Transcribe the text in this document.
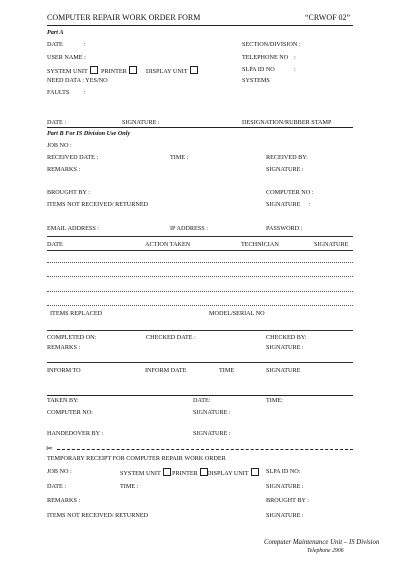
COMPUTER REPAIR WORK ORDER FORM	“CRWOF 02”
Part A
DATE	:	SECTION/DIVISION :
USER NAME :	TELEPHONE NO :
SYSTEM UNIT	PRINTER	DISPLAY UNIT	SLPA ID NO	:
NEED DATA : YES/NO	SYSTEMS
FAULTS :
DATE :	SIGNATURE :	DESIGNATION/RUBBER STAMP
Part B For IS Division Use Only
JOB NO :
RECEIVED DATE :	TIME :	RECEIVED BY:
REMARKS :	SIGNATURE :
BROUGHT BY :	COMPUTER NO :
ITEMS NOT RECEIVED/ RETURNED	SIGNATURE :
EMAIL ADDRESS :	IP ADDRESS :	PASSWORD :
DATE	ACTION TAKEN	TECHNICIAN	SIGNATURE
ITEMS REPLACED	MODEL/SERIAL NO
COMPLETED ON:	CHECKED DATE :	CHECKED BY:
REMARKS :	SIGNATURE :
INFORM TO	INFORM DATE	TIME	SIGNATURE
TAKEN BY:	DATE:	TIME:
COMPUTER NO:	SIGNATURE :
HANDEDOVER BY :	SIGNATURE :
✂
TEMPORARY RECEIPT FOR COMPUTER REPAIR WORK ORDER
JOB NO :	SYSTEM UNIT	PRINTER	DISPLAY UNIT	SLPA ID NO:
DATE :	TIME :	SIGNATURE :
REMARKS :	BROUGHT BY :
ITEMS NOT RECEIVED/ RETURNED	SIGNATURE :
Computer Maintenance Unit – IS Division
Telephone 2906
